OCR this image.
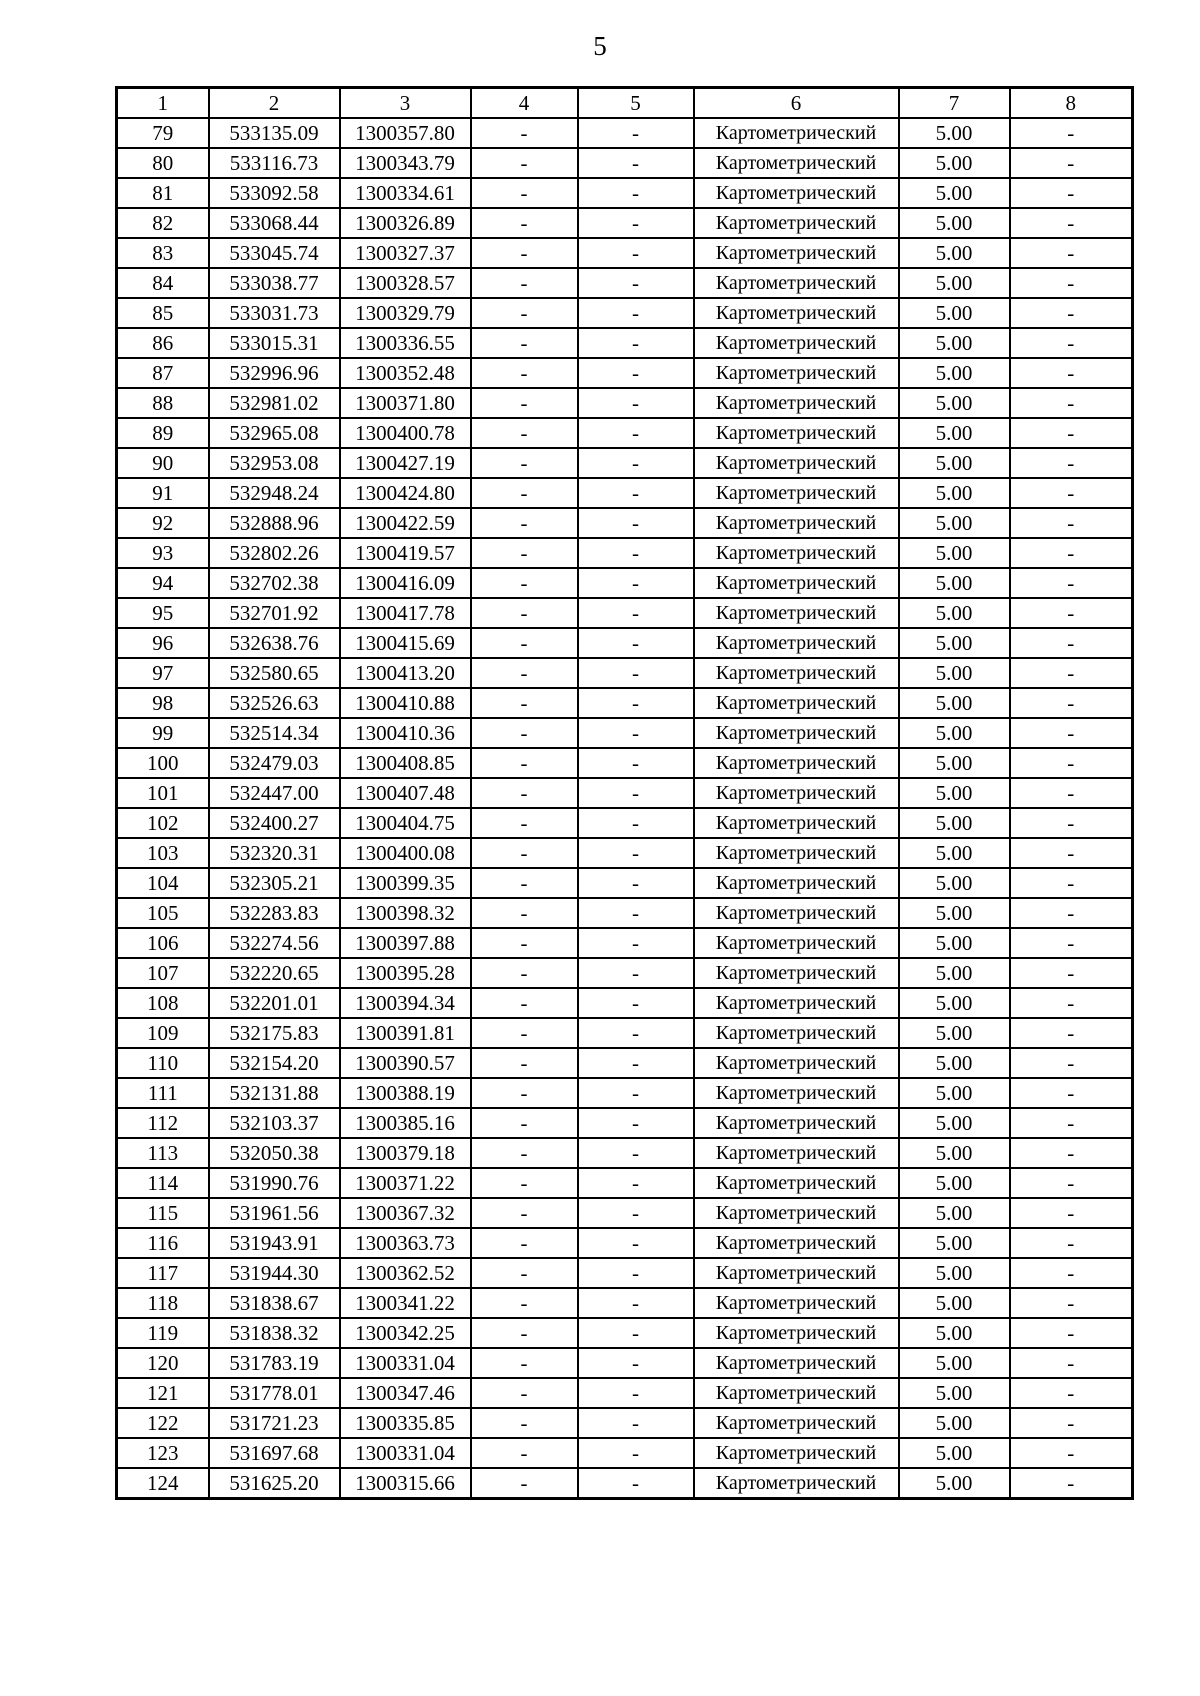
5
1	2	3	4	5	6	7	8
79	533135.09	1300357.80	-	-	Картометрический	5.00	-
80	533116.73	1300343.79	-	-	Картометрический	5.00	-
81	533092.58	1300334.61	-	-	Картометрический	5.00	-
82	533068.44	1300326.89	-	-	Картометрический	5.00	-
83	533045.74	1300327.37	-	-	Картометрический	5.00	-
84	533038.77	1300328.57	-	-	Картометрический	5.00	-
85	533031.73	1300329.79	-	-	Картометрический	5.00	-
86	533015.31	1300336.55	-	-	Картометрический	5.00	-
87	532996.96	1300352.48	-	-	Картометрический	5.00	-
88	532981.02	1300371.80	-	-	Картометрический	5.00	-
89	532965.08	1300400.78	-	-	Картометрический	5.00	-
90	532953.08	1300427.19	-	-	Картометрический	5.00	-
91	532948.24	1300424.80	-	-	Картометрический	5.00	-
92	532888.96	1300422.59	-	-	Картометрический	5.00	-
93	532802.26	1300419.57	-	-	Картометрический	5.00	-
94	532702.38	1300416.09	-	-	Картометрический	5.00	-
95	532701.92	1300417.78	-	-	Картометрический	5.00	-
96	532638.76	1300415.69	-	-	Картометрический	5.00	-
97	532580.65	1300413.20	-	-	Картометрический	5.00	-
98	532526.63	1300410.88	-	-	Картометрический	5.00	-
99	532514.34	1300410.36	-	-	Картометрический	5.00	-
100	532479.03	1300408.85	-	-	Картометрический	5.00	-
101	532447.00	1300407.48	-	-	Картометрический	5.00	-
102	532400.27	1300404.75	-	-	Картометрический	5.00	-
103	532320.31	1300400.08	-	-	Картометрический	5.00	-
104	532305.21	1300399.35	-	-	Картометрический	5.00	-
105	532283.83	1300398.32	-	-	Картометрический	5.00	-
106	532274.56	1300397.88	-	-	Картометрический	5.00	-
107	532220.65	1300395.28	-	-	Картометрический	5.00	-
108	532201.01	1300394.34	-	-	Картометрический	5.00	-
109	532175.83	1300391.81	-	-	Картометрический	5.00	-
110	532154.20	1300390.57	-	-	Картометрический	5.00	-
111	532131.88	1300388.19	-	-	Картометрический	5.00	-
112	532103.37	1300385.16	-	-	Картометрический	5.00	-
113	532050.38	1300379.18	-	-	Картометрический	5.00	-
114	531990.76	1300371.22	-	-	Картометрический	5.00	-
115	531961.56	1300367.32	-	-	Картометрический	5.00	-
116	531943.91	1300363.73	-	-	Картометрический	5.00	-
117	531944.30	1300362.52	-	-	Картометрический	5.00	-
118	531838.67	1300341.22	-	-	Картометрический	5.00	-
119	531838.32	1300342.25	-	-	Картометрический	5.00	-
120	531783.19	1300331.04	-	-	Картометрический	5.00	-
121	531778.01	1300347.46	-	-	Картометрический	5.00	-
122	531721.23	1300335.85	-	-	Картометрический	5.00	-
123	531697.68	1300331.04	-	-	Картометрический	5.00	-
124	531625.20	1300315.66	-	-	Картометрический	5.00	-
